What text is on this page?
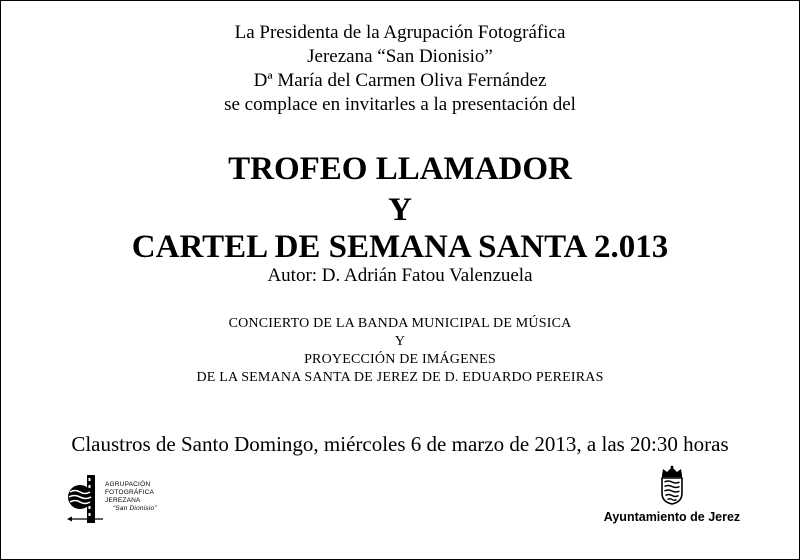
La Presidenta de la Agrupación Fotográfica
Jerezana “San Dionisio”
Dª María del Carmen Oliva Fernández
se complace en invitarles a la presentación del
TROFEO LLAMADOR
Y
CARTEL DE SEMANA SANTA 2.013
Autor: D. Adrián Fatou Valenzuela
CONCIERTO DE LA BANDA MUNICIPAL DE MÚSICA
Y
PROYECCIÓN DE IMÁGENES
DE LA SEMANA SANTA DE JEREZ DE D. EDUARDO PEREIRAS
Claustros de Santo Domingo, miércoles 6 de marzo de 2013, a las 20:30 horas
AGRUPACIÓN
FOTOGRÁFICA
JEREZANA
“San Dionisio”
Ayuntamiento de Jerez
